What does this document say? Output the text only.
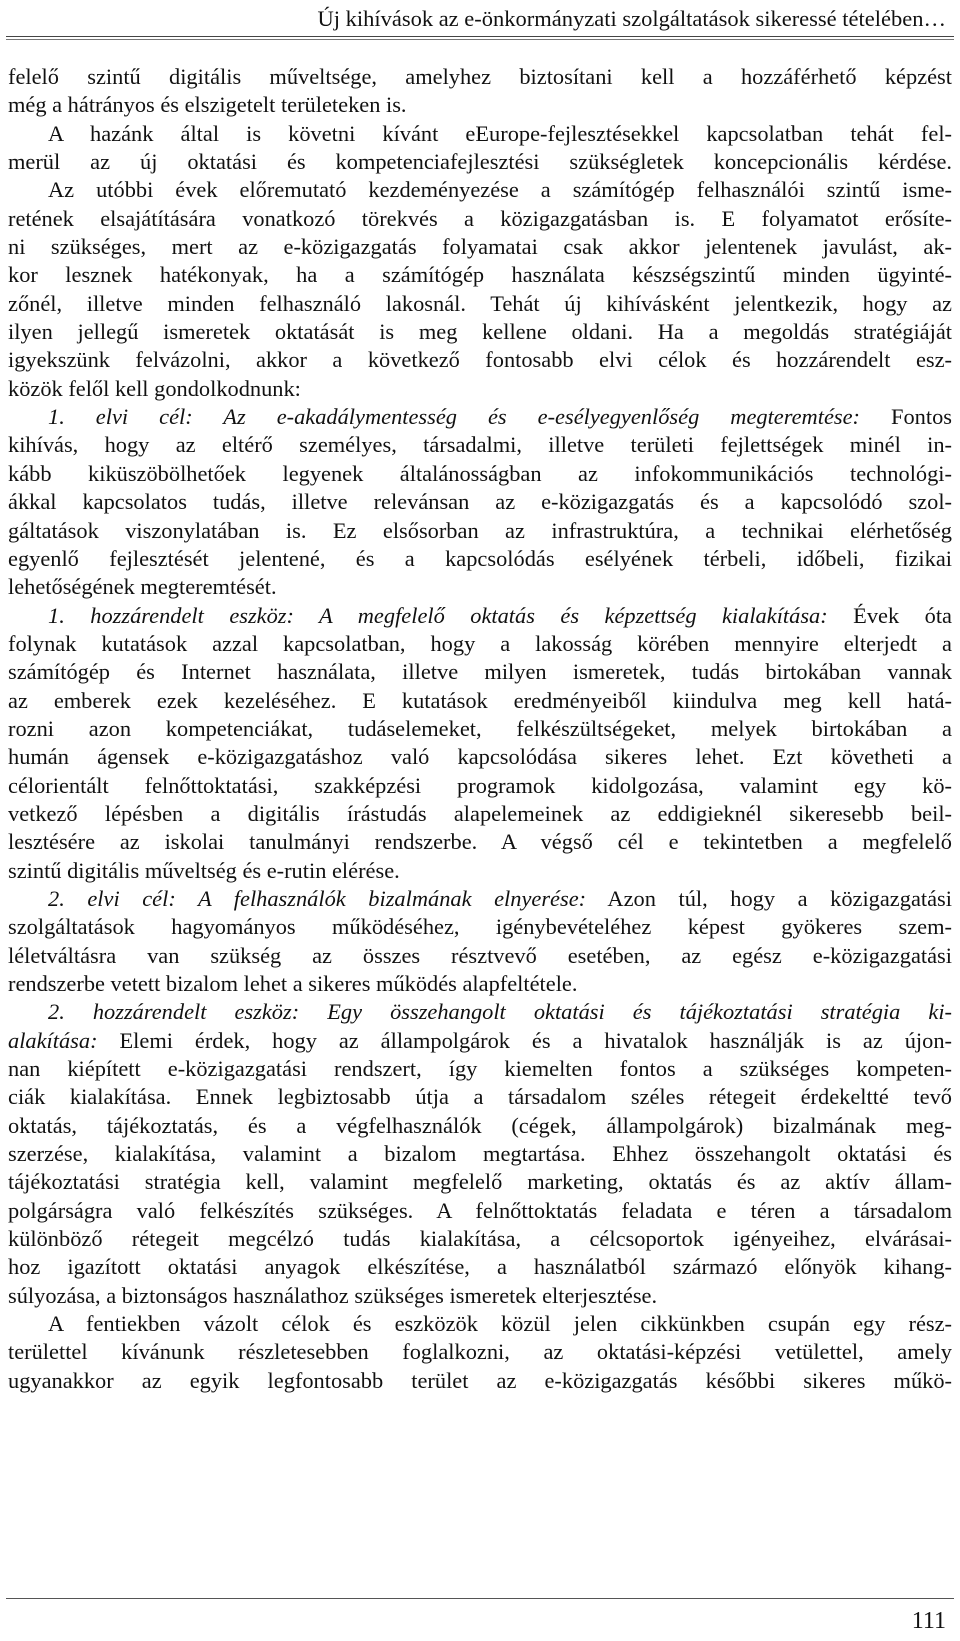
Új kihívások az e-önkormányzati szolgáltatások sikeressé tételében…
felelő szintű digitális műveltsége, amelyhez biztosítani kell a hozzáférhető képzést
még a hátrányos és elszigetelt területeken is.
A hazánk által is követni kívánt eEurope-fejlesztésekkel kapcsolatban tehát fel-
merül az új oktatási és kompetenciafejlesztési szükségletek koncepcionális kérdése.
Az utóbbi évek előremutató kezdeményezése a számítógép felhasználói szintű isme-
retének elsajátítására vonatkozó törekvés a közigazgatásban is. E folyamatot erősíte-
ni szükséges, mert az e-közigazgatás folyamatai csak akkor jelentenek javulást, ak-
kor lesznek hatékonyak, ha a számítógép használata készségszintű minden ügyinté-
zőnél, illetve minden felhasználó lakosnál. Tehát új kihívásként jelentkezik, hogy az
ilyen jellegű ismeretek oktatását is meg kellene oldani. Ha a megoldás stratégiáját
igyekszünk felvázolni, akkor a következő fontosabb elvi célok és hozzárendelt esz-
közök felől kell gondolkodnunk:
1. elvi cél: Az e-akadálymentesség és e-esélyegyenlőség megteremtése: Fontos
kihívás, hogy az eltérő személyes, társadalmi, illetve területi fejlettségek minél in-
kább kiküszöbölhetőek legyenek általánosságban az infokommunikációs technológi-
ákkal kapcsolatos tudás, illetve relevánsan az e-közigazgatás és a kapcsolódó szol-
gáltatások viszonylatában is. Ez elsősorban az infrastruktúra, a technikai elérhetőség
egyenlő fejlesztését jelentené, és a kapcsolódás esélyének térbeli, időbeli, fizikai
lehetőségének megteremtését.
1. hozzárendelt eszköz: A megfelelő oktatás és képzettség kialakítása: Évek óta
folynak kutatások azzal kapcsolatban, hogy a lakosság körében mennyire elterjedt a
számítógép és Internet használata, illetve milyen ismeretek, tudás birtokában vannak
az emberek ezek kezeléséhez. E kutatások eredményeiből kiindulva meg kell hatá-
rozni azon kompetenciákat, tudáselemeket, felkészültségeket, melyek birtokában a
humán ágensek e-közigazgatáshoz való kapcsolódása sikeres lehet. Ezt követheti a
célorientált felnőttoktatási, szakképzési programok kidolgozása, valamint egy kö-
vetkező lépésben a digitális írástudás alapelemeinek az eddigieknél sikeresebb beil-
lesztésére az iskolai tanulmányi rendszerbe. A végső cél e tekintetben a megfelelő
szintű digitális műveltség és e-rutin elérése.
2. elvi cél: A felhasználók bizalmának elnyerése: Azon túl, hogy a közigazgatási
szolgáltatások hagyományos működéséhez, igénybevételéhez képest gyökeres szem-
léletváltásra van szükség az összes résztvevő esetében, az egész e-közigazgatási
rendszerbe vetett bizalom lehet a sikeres működés alapfeltétele.
2. hozzárendelt eszköz: Egy összehangolt oktatási és tájékoztatási stratégia ki-
alakítása: Elemi érdek, hogy az állampolgárok és a hivatalok használják is az újon-
nan kiépített e-közigazgatási rendszert, így kiemelten fontos a szükséges kompeten-
ciák kialakítása. Ennek legbiztosabb útja a társadalom széles rétegeit érdekeltté tevő
oktatás, tájékoztatás, és a végfelhasználók (cégek, állampolgárok) bizalmának meg-
szerzése, kialakítása, valamint a bizalom megtartása. Ehhez összehangolt oktatási és
tájékoztatási stratégia kell, valamint megfelelő marketing, oktatás és az aktív állam-
polgárságra való felkészítés szükséges. A felnőttoktatás feladata e téren a társadalom
különböző rétegeit megcélzó tudás kialakítása, a célcsoportok igényeihez, elvárásai-
hoz igazított oktatási anyagok elkészítése, a használatból származó előnyök kihang-
súlyozása, a biztonságos használathoz szükséges ismeretek elterjesztése.
A fentiekben vázolt célok és eszközök közül jelen cikkünkben csupán egy rész-
területtel kívánunk részletesebben foglalkozni, az oktatási-képzési vetülettel, amely
ugyanakkor az egyik legfontosabb terület az e-közigazgatás későbbi sikeres műkö-
111
